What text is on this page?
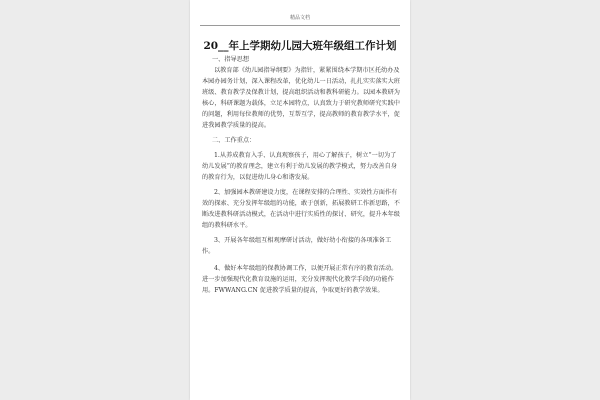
精品文档
20__年上学期幼儿园大班年级组工作计划
一、指导思想

以教育部《幼儿园指导纲要》为指针，紧紧围绕本学期市区托幼办及本园办园务计划，深入课程改革，优化幼儿一日活动，扎扎实实落实大班班级、教育教学及保教计划，提高组织活动和教科研能力。以园本教研为核心，科研课题为载体，立足本园特点，认真致力于研究教师研究实践中的问题，利用每位教师的优势，互帮互学，提高教师的教育教学水平，促进我园教学质量的提高。

二、工作重点：

1.从养成教育入手、认真观察孩子，用心了解孩子，树立“一切为了幼儿发展”的教育理念，建立有利于幼儿发展的教学模式，努力改善自身的教育行为，以促进幼儿身心和谐发展。

2、加强园本教研建设力度，在课程安排的合理性、实效性方面作有效的探索、充分发挥年级组的功能，敢于创新，拓展教研工作新思路，不断改进教科研活动模式，在活动中进行实质性的探讨、研究，提升本年级组的教科研水平。

3、开展各年级组互相观摩研讨活动，做好幼小衔接的各项准备工作。

4、做好本年级组的保教协调工作，以便开展正常有序的教育活动。进一步加强现代化教育设施的运用，充分发挥现代化教学手段的功能作用。FWWANG.CN 促进教学质量的提高，争取更好的教学效果。
